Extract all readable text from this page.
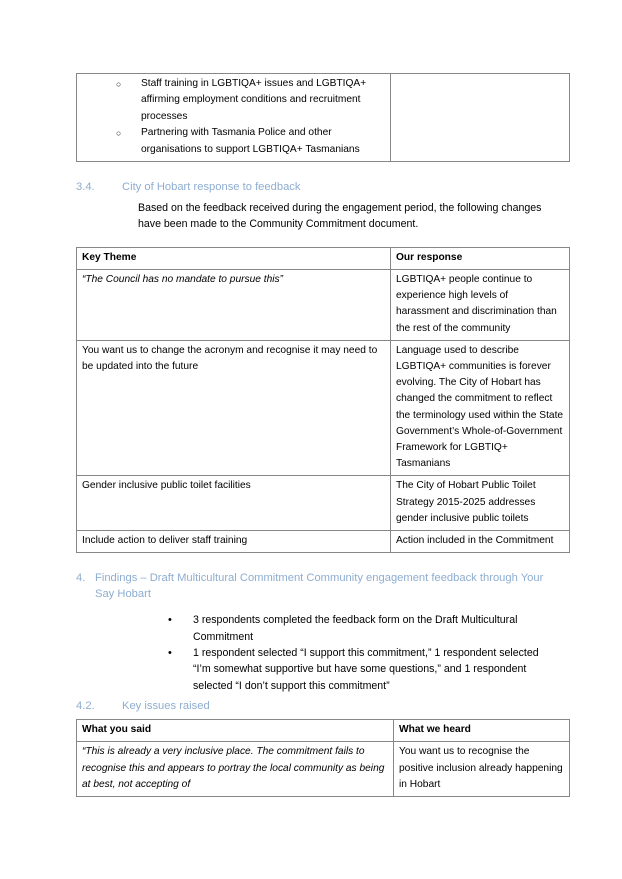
○ Staff training in LGBTIQA+ issues and LGBTIQA+ affirming employment conditions and recruitment processes
○ Partnering with Tasmania Police and other organisations to support LGBTIQA+ Tasmanians

3.4.	City of Hobart response to feedback

Based on the feedback received during the engagement period, the following changes have been made to the Community Commitment document.

Key Theme	Our response
“The Council has no mandate to pursue this”	LGBTIQA+ people continue to experience high levels of harassment and discrimination than the rest of the community
You want us to change the acronym and recognise it may need to be updated into the future	Language used to describe LGBTIQA+ communities is forever evolving. The City of Hobart has changed the commitment to reflect the terminology used within the State Government’s Whole-of-Government Framework for LGBTIQ+ Tasmanians
Gender inclusive public toilet facilities	The City of Hobart Public Toilet Strategy 2015-2025 addresses gender inclusive public toilets
Include action to deliver staff training	Action included in the Commitment
4. Findings – Draft Multicultural Commitment Community engagement feedback through Your Say Hobart
• 3 respondents completed the feedback form on the Draft Multicultural Commitment
• 1 respondent selected “I support this commitment,” 1 respondent selected “I’m somewhat supportive but have some questions,” and 1 respondent selected “I don’t support this commitment”
4.2.	Key issues raised
What you said	What we heard
“This is already a very inclusive place. The commitment fails to recognise this and appears to portray the local community as being at best, not accepting of	You want us to recognise the positive inclusion already happening in Hobart
